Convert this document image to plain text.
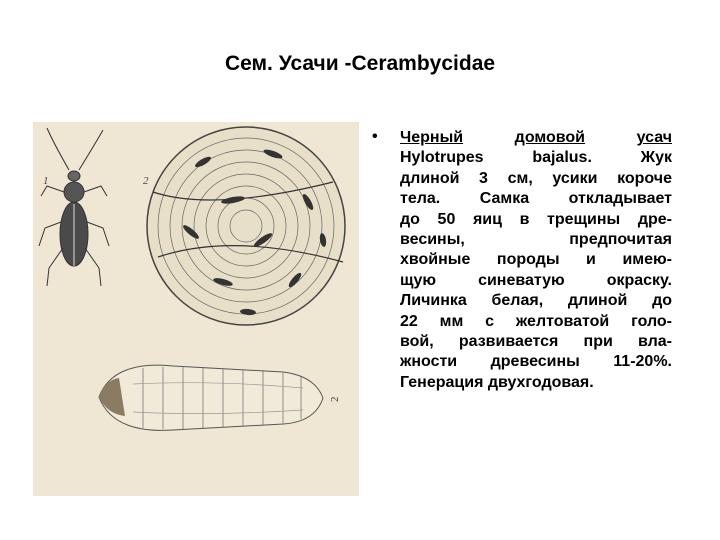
Сем. Усачи -Cerambycidae
1	2
2
• Черный	домовой	усач
Hylotrupes bajalus. Жук
длиной 3 см, усики короче
тела. Самка откладывает
до 50 яиц в трещины дре-
весины, предпочитая
хвойные породы и имею-
щую синеватую окраску.
Личинка белая, длиной до
22 мм с желтоватой голо-
вой, развивается при вла-
жности древесины 11-20%.
Генерация двухгодовая.
